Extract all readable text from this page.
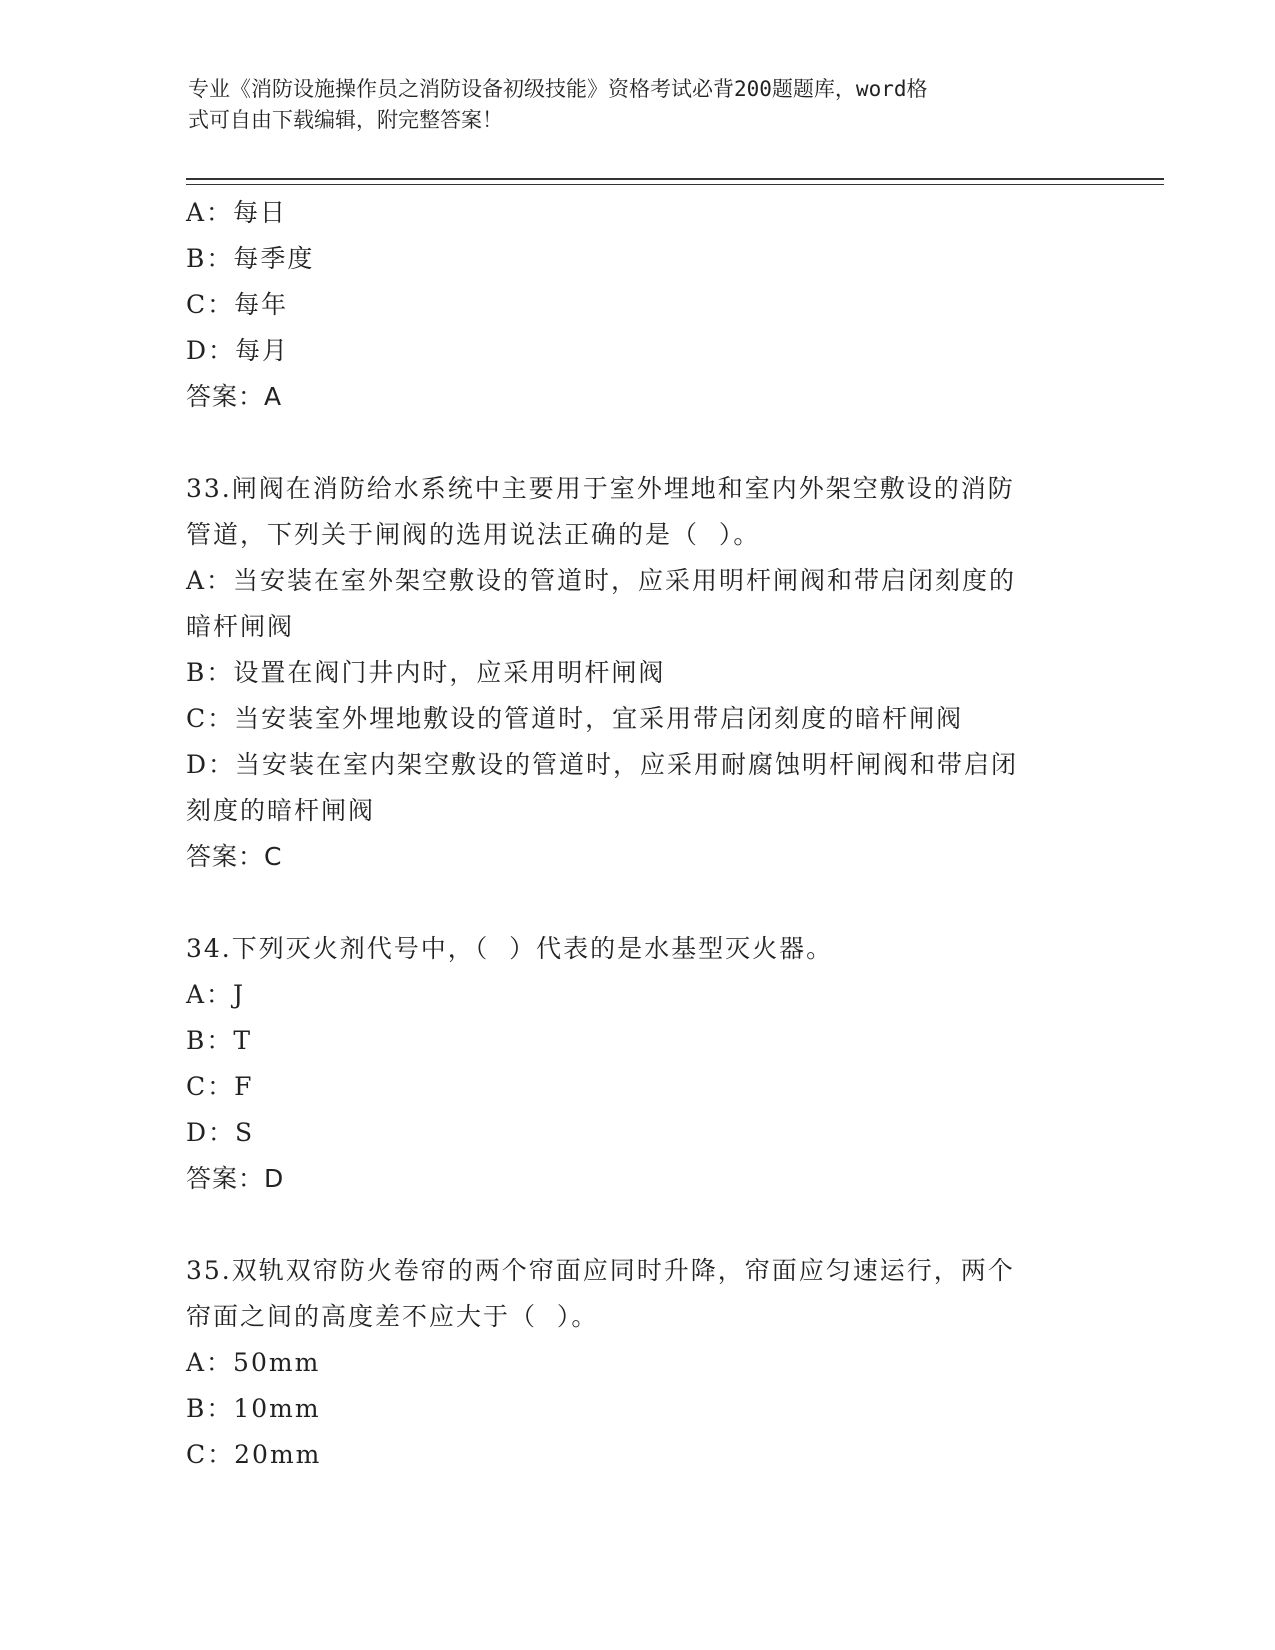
专业《消防设施操作员之消防设备初级技能》资格考试必背200题题库，word格
式可自由下载编辑，附完整答案！
A：每日
B：每季度
C：每年
D：每月
答案：A
33.闸阀在消防给水系统中主要用于室外埋地和室内外架空敷设的消防
管道，下列关于闸阀的选用说法正确的是（  ）。
A：当安装在室外架空敷设的管道时，应采用明杆闸阀和带启闭刻度的
暗杆闸阀
B：设置在阀门井内时，应采用明杆闸阀
C：当安装室外埋地敷设的管道时，宜采用带启闭刻度的暗杆闸阀
D：当安装在室内架空敷设的管道时，应采用耐腐蚀明杆闸阀和带启闭
刻度的暗杆闸阀
答案：C
34.下列灭火剂代号中，（  ）代表的是水基型灭火器。
A：J
B：T
C：F
D：S
答案：D
35.双轨双帘防火卷帘的两个帘面应同时升降，帘面应匀速运行，两个
帘面之间的高度差不应大于（  ）。
A：50mm
B：10mm
C：20mm
